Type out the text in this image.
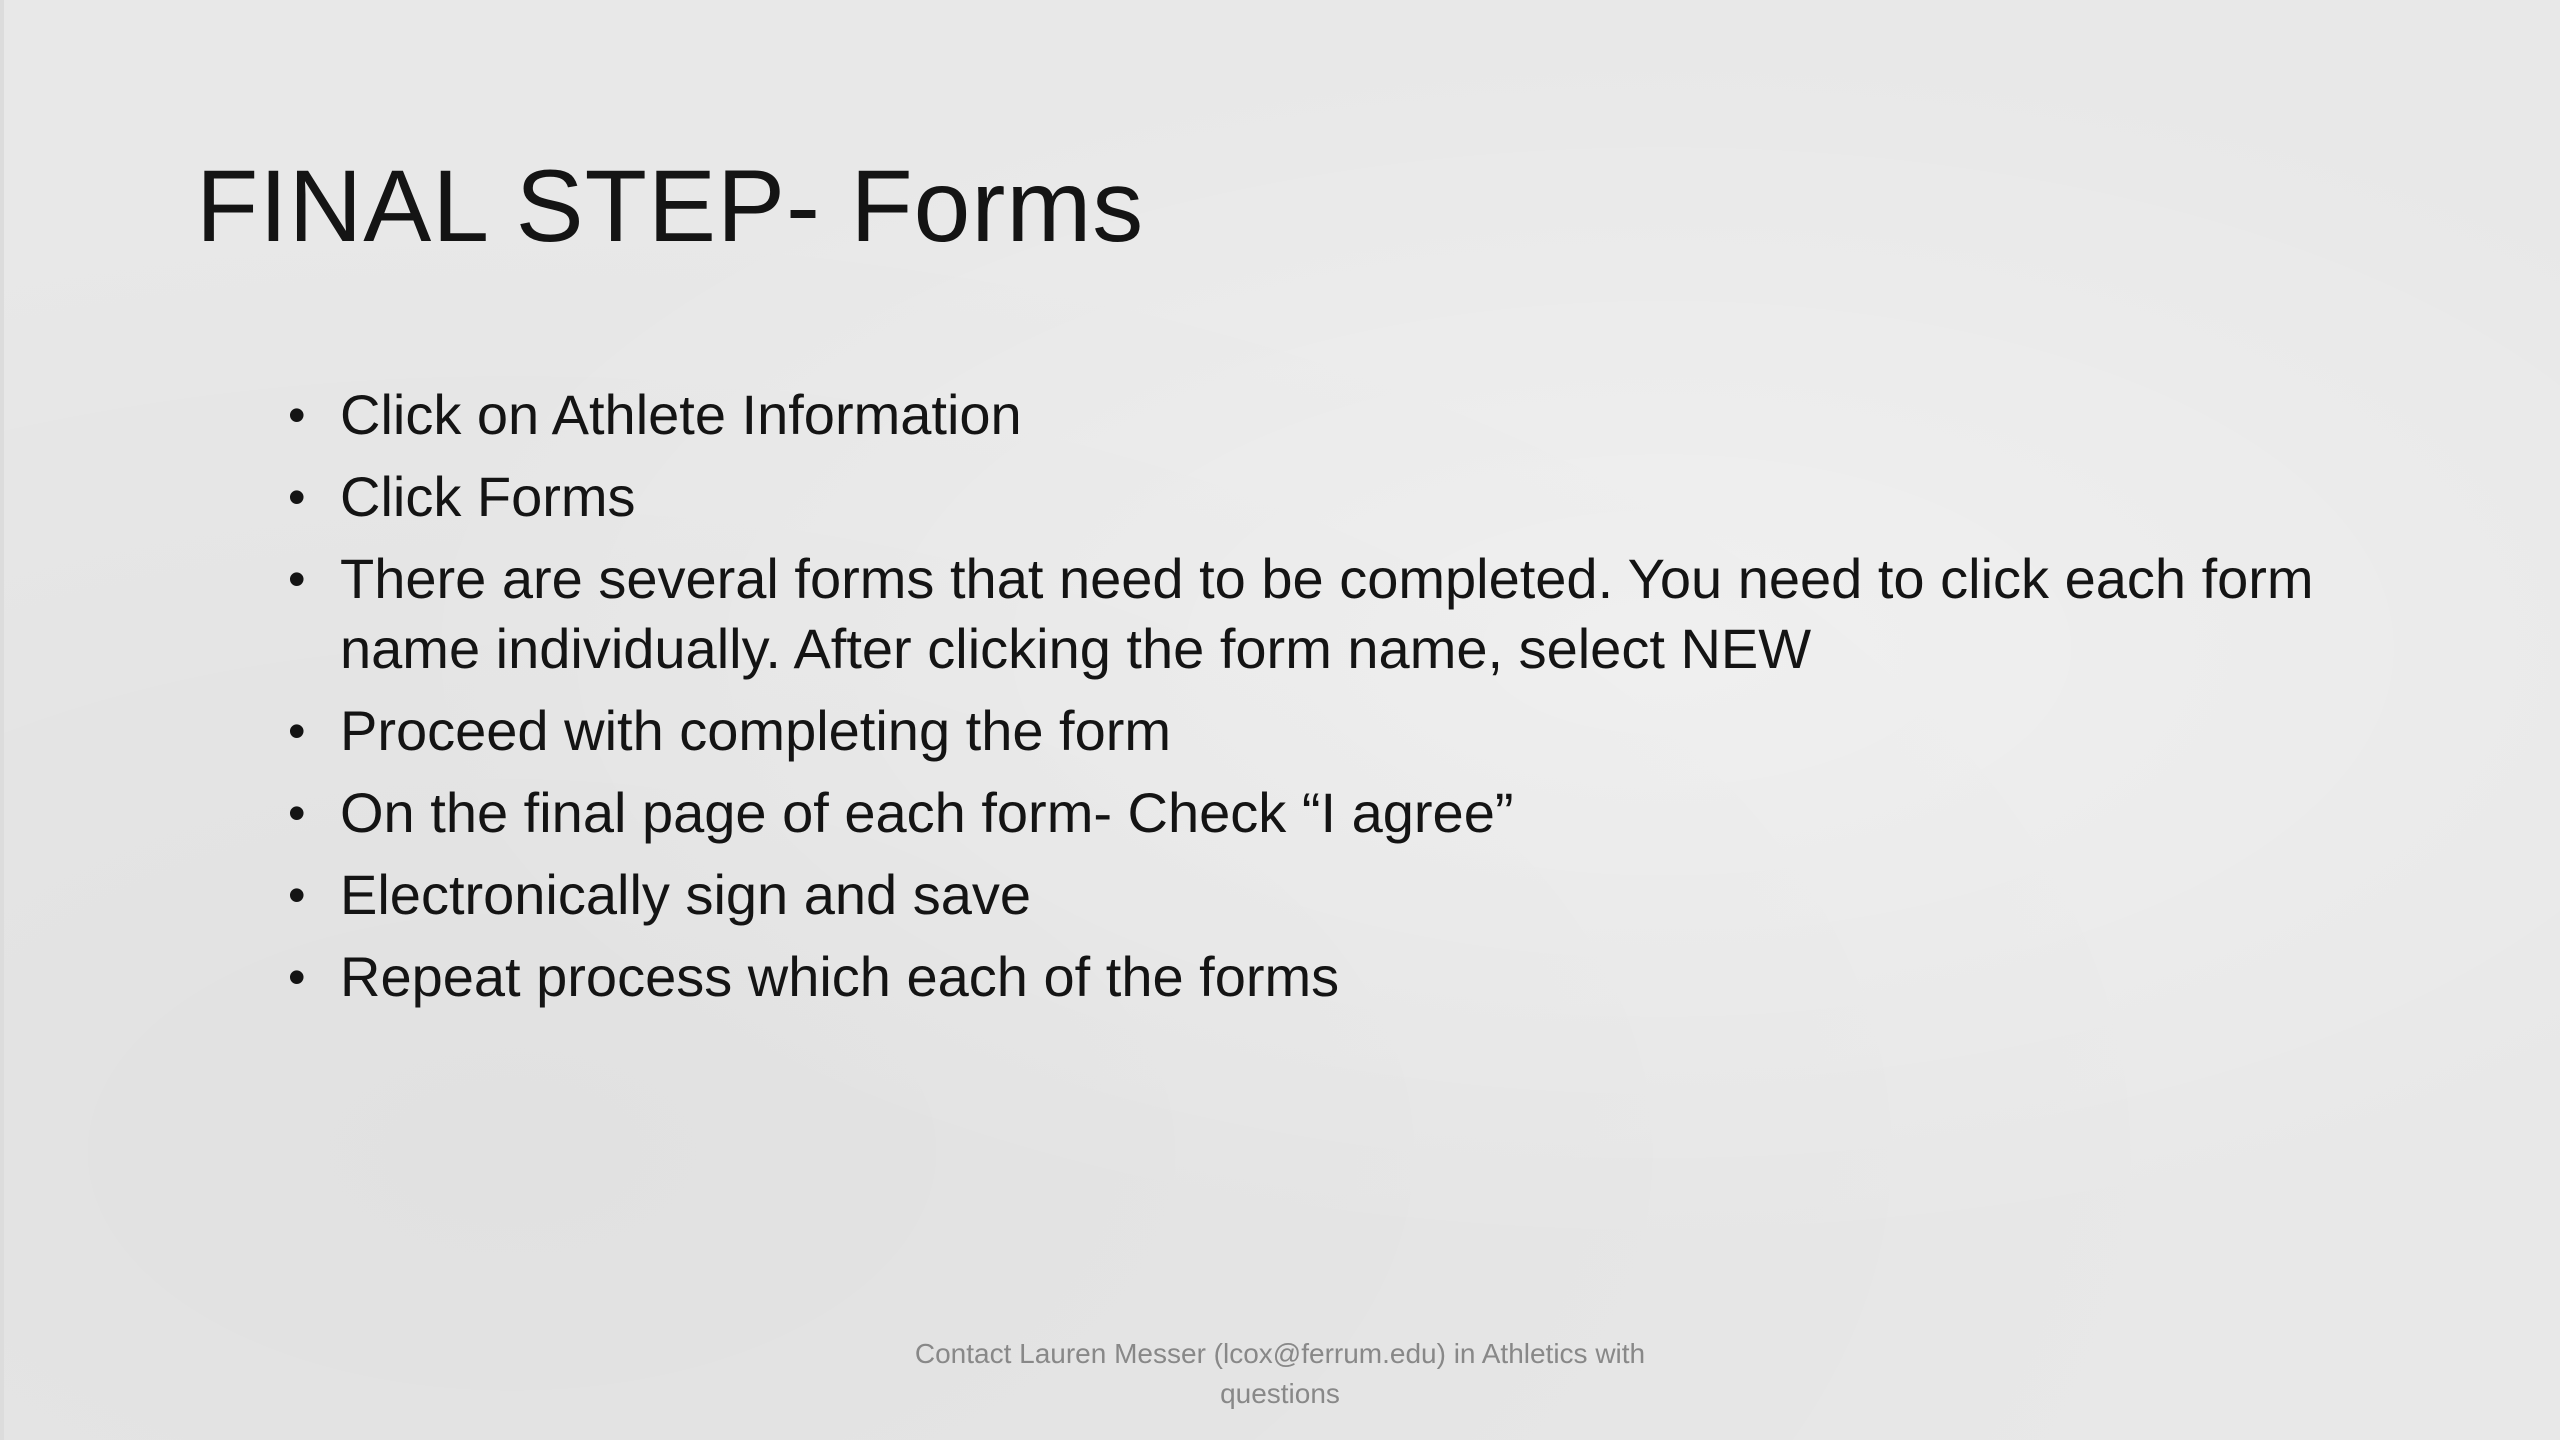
FINAL STEP- Forms
• Click on Athlete Information
• Click Forms
• There are several forms that need to be completed. You need to click each form name individually. After clicking the form name, select NEW
• Proceed with completing the form
• On the final page of each form- Check “I agree”
• Electronically sign and save
• Repeat process which each of the forms
Contact Lauren Messer (lcox@ferrum.edu) in Athletics with
questions
